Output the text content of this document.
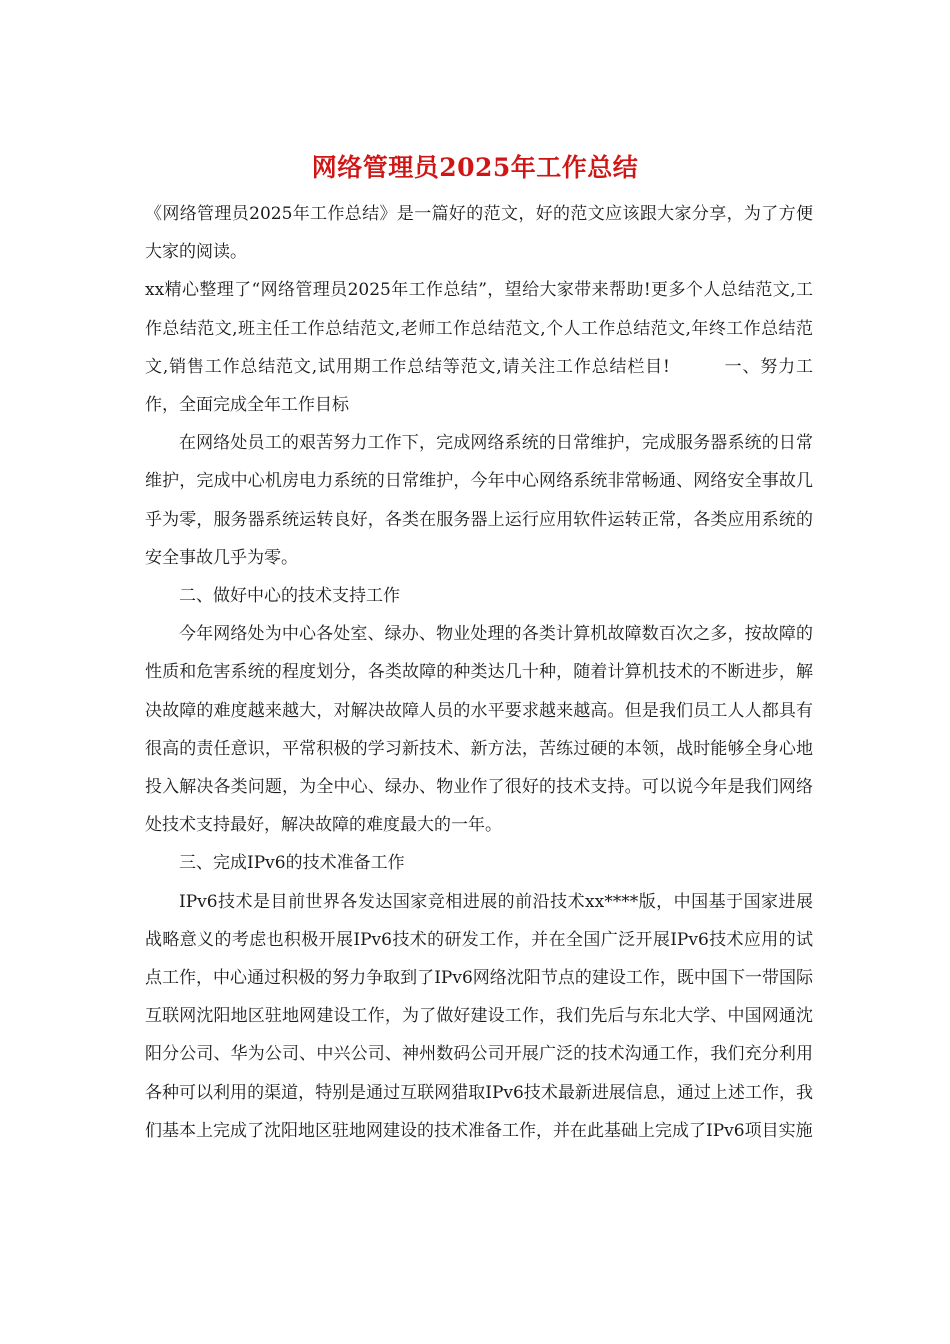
网络管理员2025年工作总结

《网络管理员2025年工作总结》是一篇好的范文，好的范文应该跟大家分享，为了方便大家的阅读。

xx精心整理了“网络管理员2025年工作总结”，望给大家带来帮助!更多个人总结范文,工作总结范文,班主任工作总结范文,老师工作总结范文,个人工作总结范文,年终工作总结范文,销售工作总结范文,试用期工作总结等范文,请关注工作总结栏目!	一、努力工作，全面完成全年工作目标

在网络处员工的艰苦努力工作下，完成网络系统的日常维护，完成服务器系统的日常维护，完成中心机房电力系统的日常维护，今年中心网络系统非常畅通、网络安全事故几乎为零，服务器系统运转良好，各类在服务器上运行应用软件运转正常，各类应用系统的安全事故几乎为零。

二、做好中心的技术支持工作

今年网络处为中心各处室、绿办、物业处理的各类计算机故障数百次之多，按故障的性质和危害系统的程度划分，各类故障的种类达几十种，随着计算机技术的不断进步，解决故障的难度越来越大，对解决故障人员的水平要求越来越高。但是我们员工人人都具有很高的责任意识，平常积极的学习新技术、新方法，苦练过硬的本领，战时能够全身心地投入解决各类问题，为全中心、绿办、物业作了很好的技术支持。可以说今年是我们网络处技术支持最好，解决故障的难度最大的一年。

三、完成IPv6的技术准备工作

IPv6技术是目前世界各发达国家竞相进展的前沿技术xx****版，中国基于国家进展战略意义的考虑也积极开展IPv6技术的研发工作，并在全国广泛开展IPv6技术应用的试点工作，中心通过积极的努力争取到了IPv6网络沈阳节点的建设工作，既中国下一带国际互联网沈阳地区驻地网建设工作，为了做好建设工作，我们先后与东北大学、中国网通沈阳分公司、华为公司、中兴公司、神州数码公司开展广泛的技术沟通工作，我们充分利用各种可以利用的渠道，特别是通过互联网猎取IPv6技术最新进展信息，通过上述工作，我们基本上完成了沈阳地区驻地网建设的技术准备工作，并在此基础上完成了IPv6项目实施
